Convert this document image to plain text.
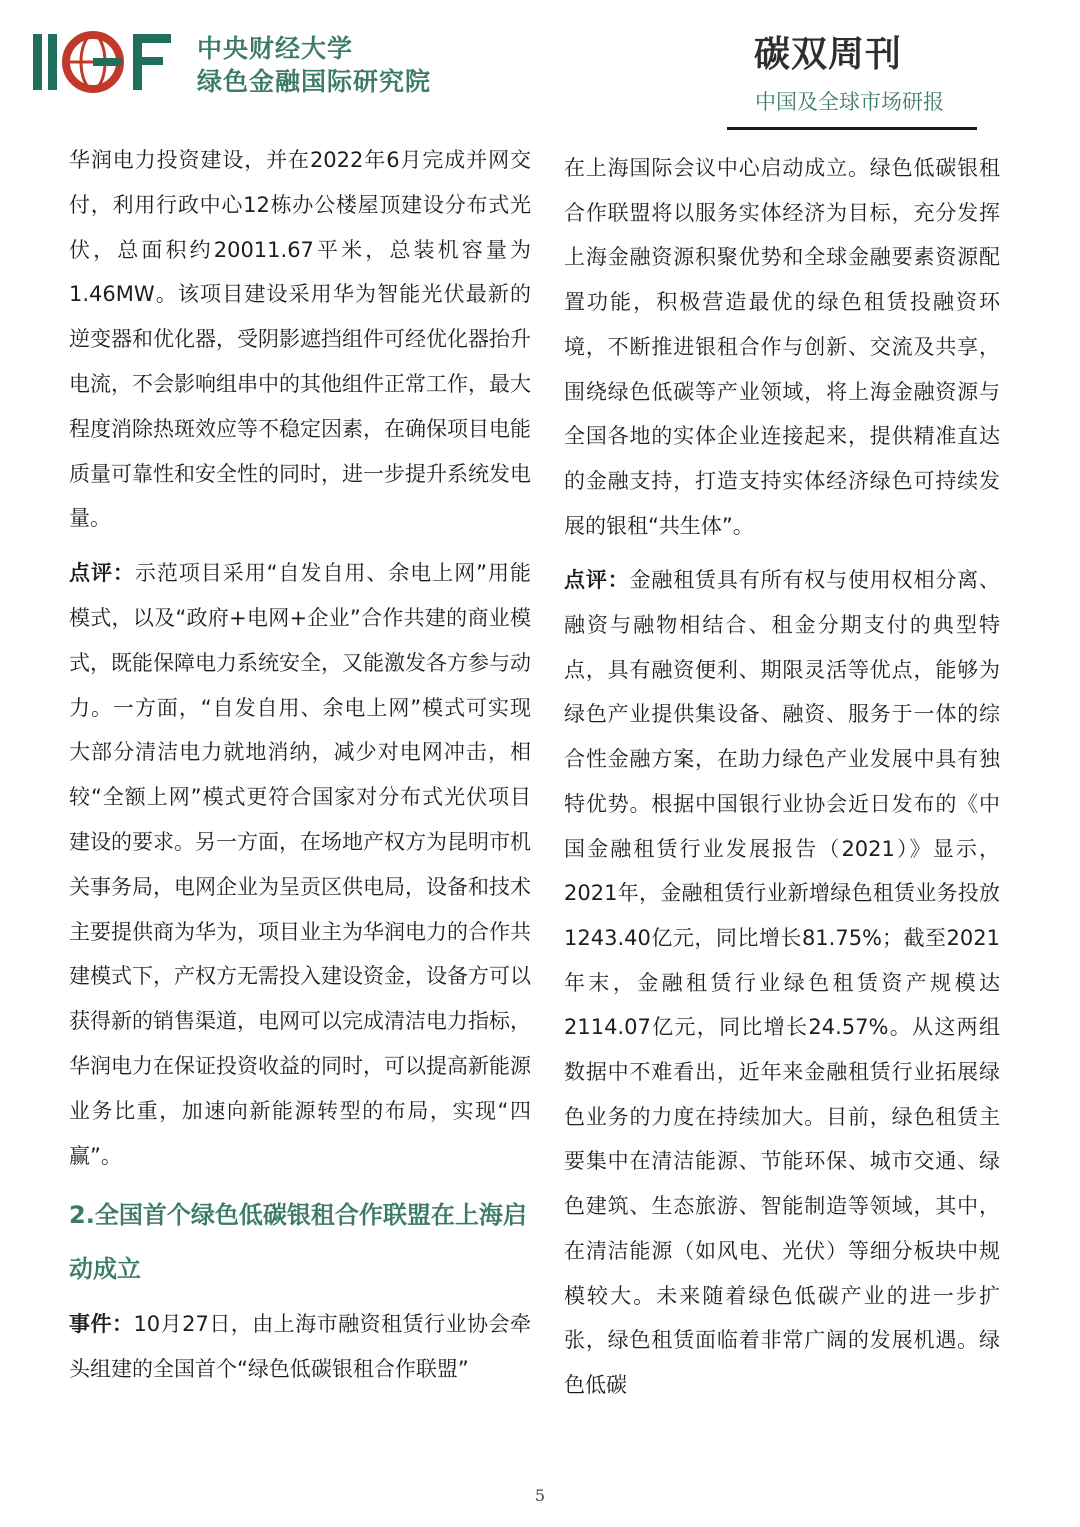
中央财经大学
绿色金融国际研究院
碳双周刊
中国及全球市场研报

华润电力投资建设，并在2022年6月完成并网交付，利用行政中心12栋办公楼屋顶建设分布式光伏，总面积约20011.67平米，总装机容量为1.46MW。该项目建设采用华为智能光伏最新的逆变器和优化器，受阴影遮挡组件可经优化器抬升电流，不会影响组串中的其他组件正常工作，最大程度消除热斑效应等不稳定因素，在确保项目电能质量可靠性和安全性的同时，进一步提升系统发电量。

点评：示范项目采用“自发自用、余电上网”用能模式，以及“政府+电网+企业”合作共建的商业模式，既能保障电力系统安全，又能激发各方参与动力。一方面，“自发自用、余电上网”模式可实现大部分清洁电力就地消纳，减少对电网冲击，相较“全额上网”模式更符合国家对分布式光伏项目建设的要求。另一方面，在场地产权方为昆明市机关事务局，电网企业为呈贡区供电局，设备和技术主要提供商为华为，项目业主为华润电力的合作共建模式下，产权方无需投入建设资金，设备方可以获得新的销售渠道，电网可以完成清洁电力指标，华润电力在保证投资收益的同时，可以提高新能源业务比重，加速向新能源转型的布局，实现“四赢”。

2.全国首个绿色低碳银租合作联盟在上海启动成立

事件：10月27日，由上海市融资租赁行业协会牵头组建的全国首个“绿色低碳银租合作联盟”

在上海国际会议中心启动成立。绿色低碳银租合作联盟将以服务实体经济为目标，充分发挥上海金融资源积聚优势和全球金融要素资源配置功能，积极营造最优的绿色租赁投融资环境，不断推进银租合作与创新、交流及共享，围绕绿色低碳等产业领域，将上海金融资源与全国各地的实体企业连接起来，提供精准直达的金融支持，打造支持实体经济绿色可持续发展的银租“共生体”。

点评：金融租赁具有所有权与使用权相分离、融资与融物相结合、租金分期支付的典型特点，具有融资便利、期限灵活等优点，能够为绿色产业提供集设备、融资、服务于一体的综合性金融方案，在助力绿色产业发展中具有独特优势。根据中国银行业协会近日发布的《中国金融租赁行业发展报告（2021）》显示，2021年，金融租赁行业新增绿色租赁业务投放1243.40亿元，同比增长81.75%；截至2021年末，金融租赁行业绿色租赁资产规模达2114.07亿元，同比增长24.57%。从这两组数据中不难看出，近年来金融租赁行业拓展绿色业务的力度在持续加大。目前，绿色租赁主要集中在清洁能源、节能环保、城市交通、绿色建筑、生态旅游、智能制造等领域，其中，在清洁能源（如风电、光伏）等细分板块中规模较大。未来随着绿色低碳产业的进一步扩张，绿色租赁面临着非常广阔的发展机遇。绿色低碳

5
